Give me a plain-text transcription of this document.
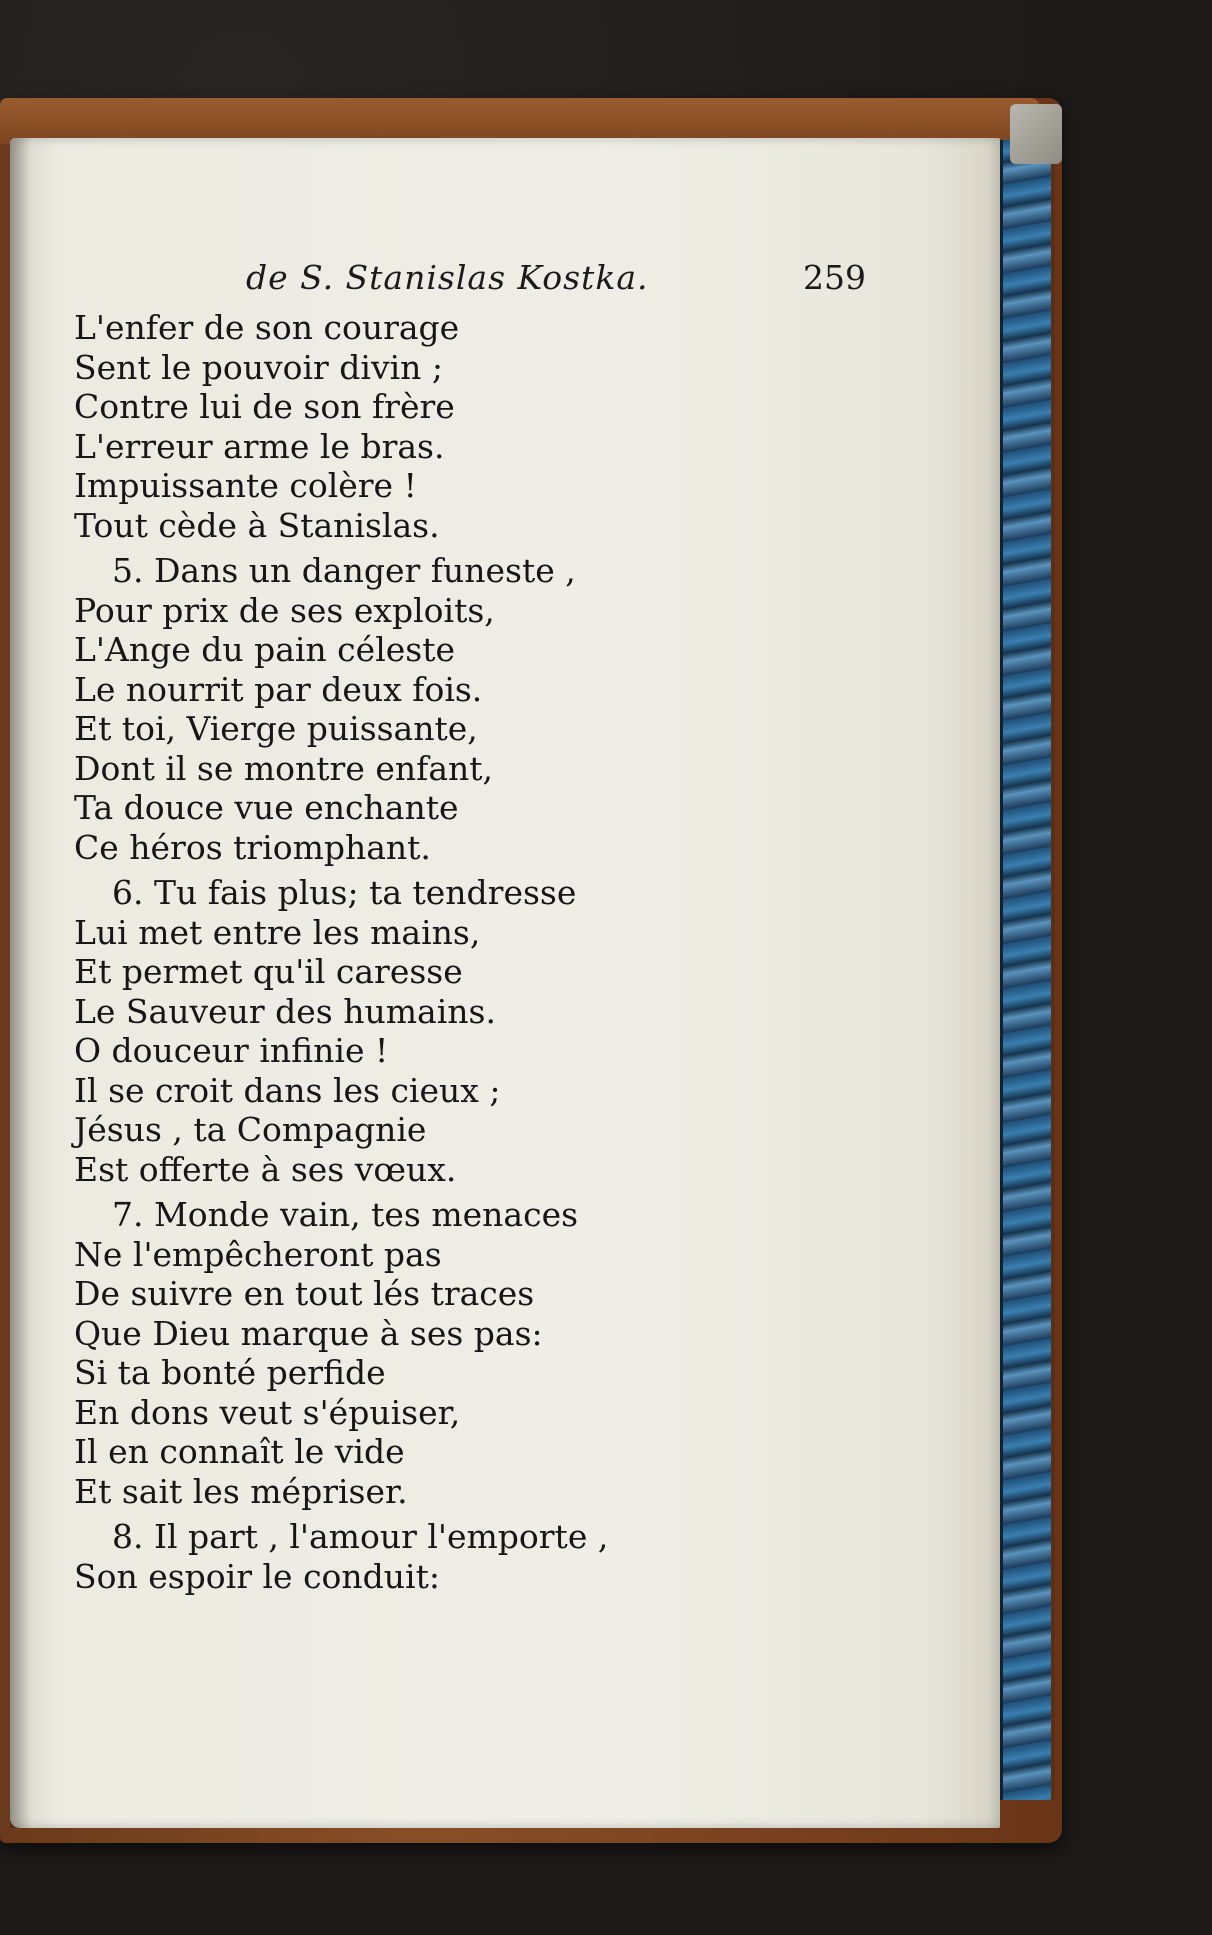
de S. Stanislas Kostka.	259
L'enfer de son courage
Sent le pouvoir divin ;
Contre lui de son frère
L'erreur arme le bras.
Impuissante colère !
Tout cède à Stanislas.
5. Dans un danger funeste ,
Pour prix de ses exploits,
L'Ange du pain céleste
Le nourrit par deux fois.
Et toi, Vierge puissante,
Dont il se montre enfant,
Ta douce vue enchante
Ce héros triomphant.
6. Tu fais plus; ta tendresse
Lui met entre les mains,
Et permet qu'il caresse
Le Sauveur des humains.
O douceur infinie !
Il se croit dans les cieux ;
Jésus , ta Compagnie
Est offerte à ses vœux.
7. Monde vain, tes menaces
Ne l'empêcheront pas
De suivre en tout lés traces
Que Dieu marque à ses pas:
Si ta bonté perfide
En dons veut s'épuiser,
Il en connaît le vide
Et sait les mépriser.
8. Il part , l'amour l'emporte ,
Son espoir le conduit:
